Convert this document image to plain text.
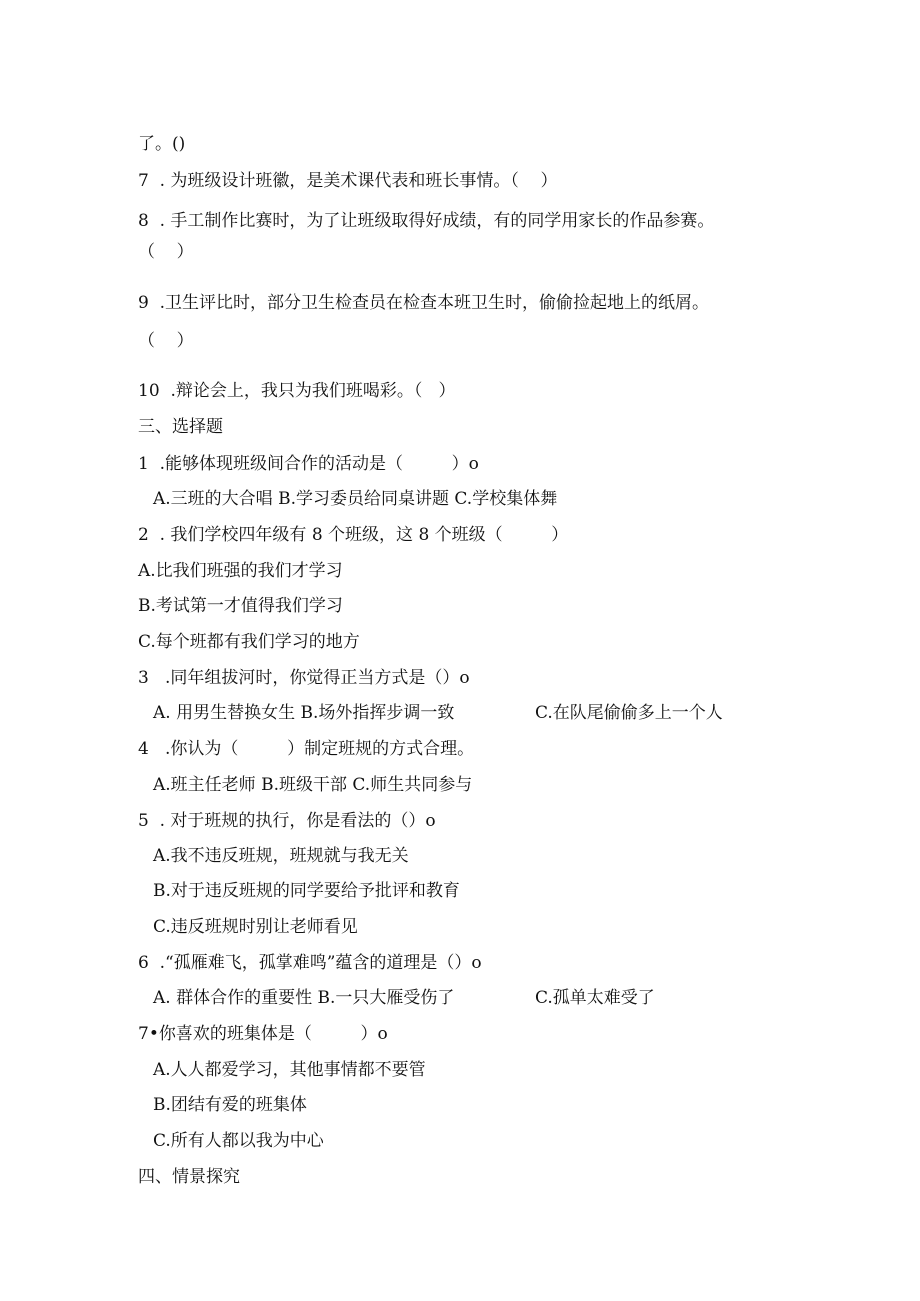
了。()
7  . 为班级设计班徽，是美术课代表和班长事情。（    ）
8  . 手工制作比赛时，为了让班级取得好成绩，有的同学用家长的作品参赛。
（    ）
9  .卫生评比时，部分卫生检查员在检查本班卫生时，偷偷捡起地上的纸屑。
（    ）
10  .辩论会上，我只为我们班喝彩。（   ）
三、选择题
1  .能够体现班级间合作的活动是（         ）o
A.三班的大合唱 B.学习委员给同桌讲题 C.学校集体舞
2  . 我们学校四年级有 8 个班级，这 8 个班级（         ）
A.比我们班强的我们才学习
B.考试第一才值得我们学习
C.每个班都有我们学习的地方
3   .同年组拔河时，你觉得正当方式是（）o
A. 用男生替换女生 B.场外指挥步调一致	C.在队尾偷偷多上一个人
4   .你认为（         ）制定班规的方式合理。
A.班主任老师 B.班级干部 C.师生共同参与
5  . 对于班规的执行，你是看法的（）o
A.我不违反班规，班规就与我无关
B.对于违反班规的同学要给予批评和教育
C.违反班规时别让老师看见
6  .“孤雁难飞，孤掌难鸣”蕴含的道理是（）o
A. 群体合作的重要性 B.一只大雁受伤了	C.孤单太难受了
7•你喜欢的班集体是（         ）o
A.人人都爱学习，其他事情都不要管
B.团结有爱的班集体
C.所有人都以我为中心
四、情景探究
